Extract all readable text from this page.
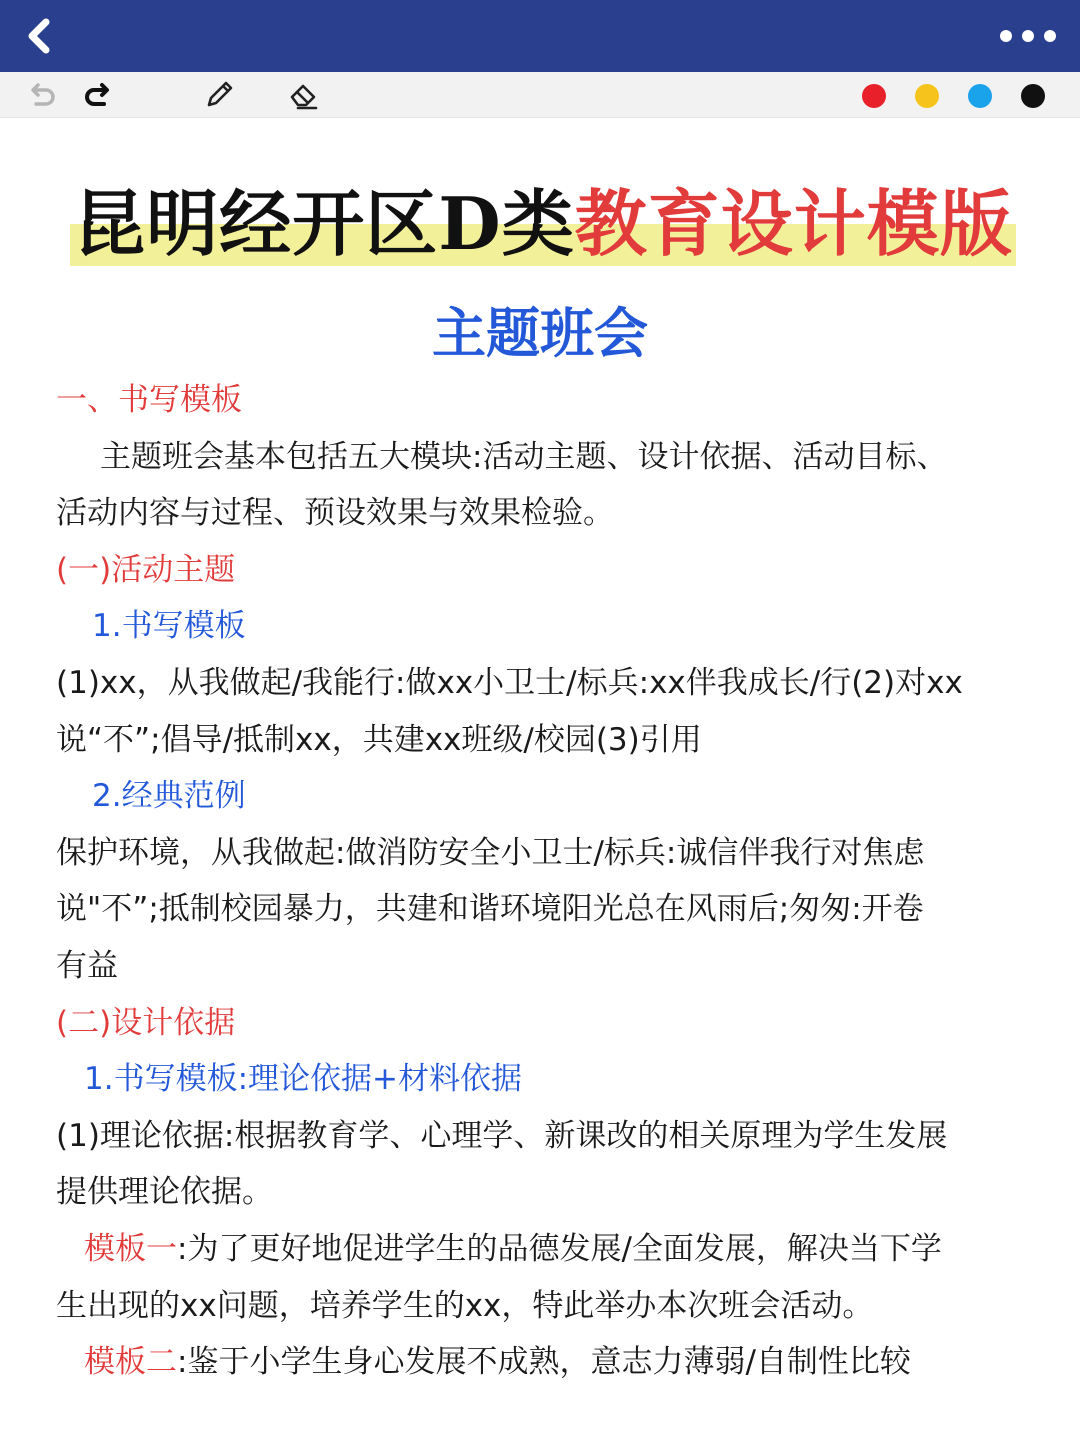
昆明经开区D类教育设计模版
主题班会

一、书写模板

主题班会基本包括五大模块:活动主题、设计依据、活动目标、

活动内容与过程、预设效果与效果检验。

(一)活动主题

1.书写模板

(1)xx，从我做起/我能行:做xx小卫士/标兵:xx伴我成长/行(2)对xx

说“不”;倡导/抵制xx，共建xx班级/校园(3)引用

2.经典范例

保护环境，从我做起:做消防安全小卫士/标兵:诚信伴我行对焦虑

说"不”;抵制校园暴力，共建和谐环境阳光总在风雨后;匆匆:开卷

有益

(二)设计依据

1.书写模板:理论依据+材料依据

(1)理论依据:根据教育学、心理学、新课改的相关原理为学生发展

提供理论依据。

模板一:为了更好地促进学生的品德发展/全面发展，解决当下学

生出现的xx问题，培养学生的xx，特此举办本次班会活动。

模板二:鉴于小学生身心发展不成熟，意志力薄弱/自制性比较
